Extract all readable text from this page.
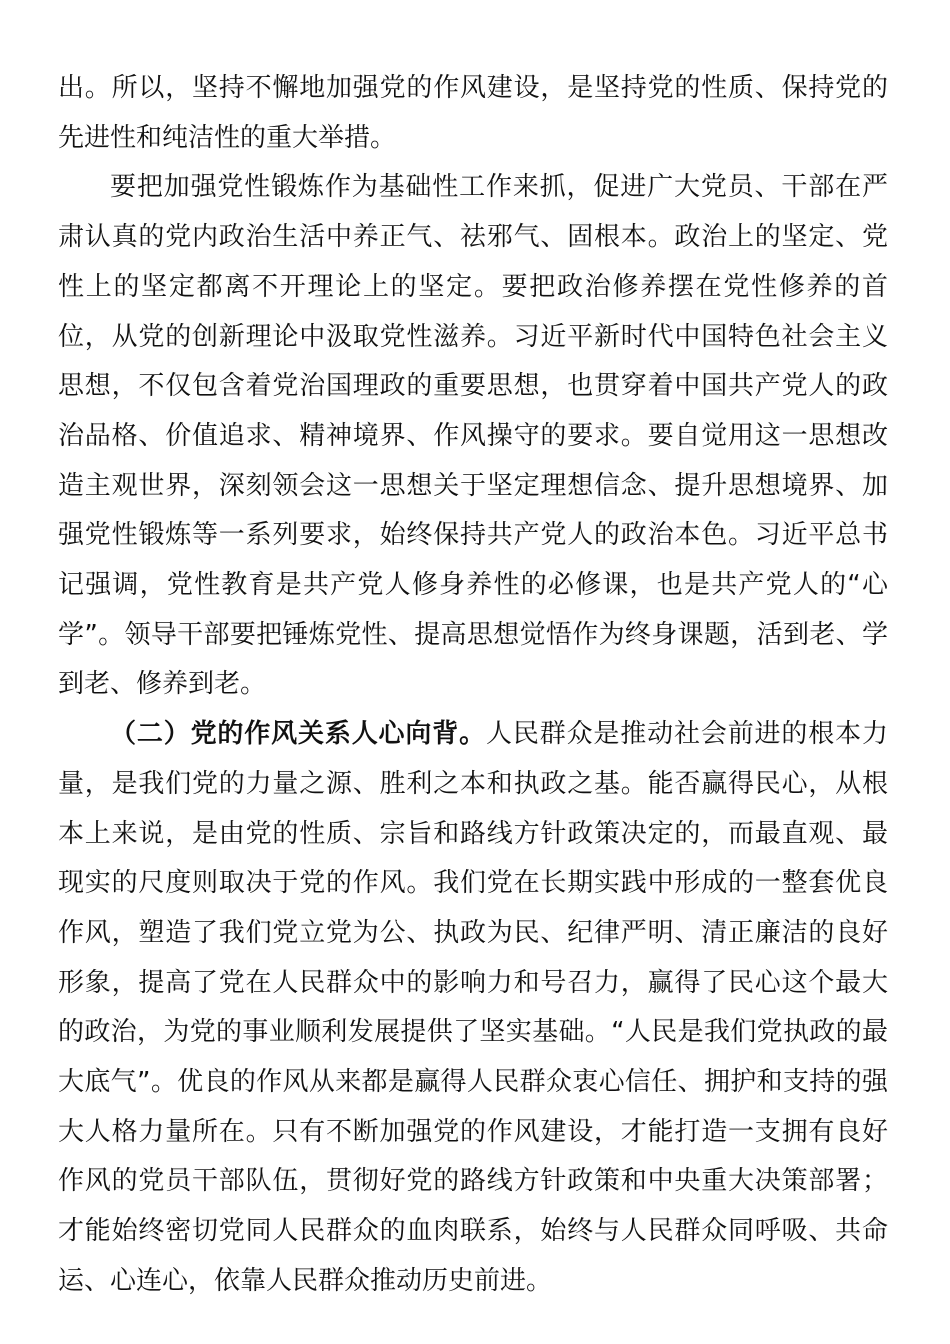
出。所以，坚持不懈地加强党的作风建设，是坚持党的性质、保持党的先进性和纯洁性的重大举措。

要把加强党性锻炼作为基础性工作来抓，促进广大党员、干部在严肃认真的党内政治生活中养正气、祛邪气、固根本。政治上的坚定、党性上的坚定都离不开理论上的坚定。要把政治修养摆在党性修养的首位，从党的创新理论中汲取党性滋养。习近平新时代中国特色社会主义思想，不仅包含着党治国理政的重要思想，也贯穿着中国共产党人的政治品格、价值追求、精神境界、作风操守的要求。要自觉用这一思想改造主观世界，深刻领会这一思想关于坚定理想信念、提升思想境界、加强党性锻炼等一系列要求，始终保持共产党人的政治本色。习近平总书记强调，党性教育是共产党人修身养性的必修课，也是共产党人的“心学”。领导干部要把锤炼党性、提高思想觉悟作为终身课题，活到老、学到老、修养到老。

（二）党的作风关系人心向背。人民群众是推动社会前进的根本力量，是我们党的力量之源、胜利之本和执政之基。能否赢得民心，从根本上来说，是由党的性质、宗旨和路线方针政策决定的，而最直观、最现实的尺度则取决于党的作风。我们党在长期实践中形成的一整套优良作风，塑造了我们党立党为公、执政为民、纪律严明、清正廉洁的良好形象，提高了党在人民群众中的影响力和号召力，赢得了民心这个最大的政治，为党的事业顺利发展提供了坚实基础。“人民是我们党执政的最大底气”。优良的作风从来都是赢得人民群众衷心信任、拥护和支持的强大人格力量所在。只有不断加强党的作风建设，才能打造一支拥有良好作风的党员干部队伍，贯彻好党的路线方针政策和中央重大决策部署；才能始终密切党同人民群众的血肉联系，始终与人民群众同呼吸、共命运、心连心，依靠人民群众推动历史前进。
